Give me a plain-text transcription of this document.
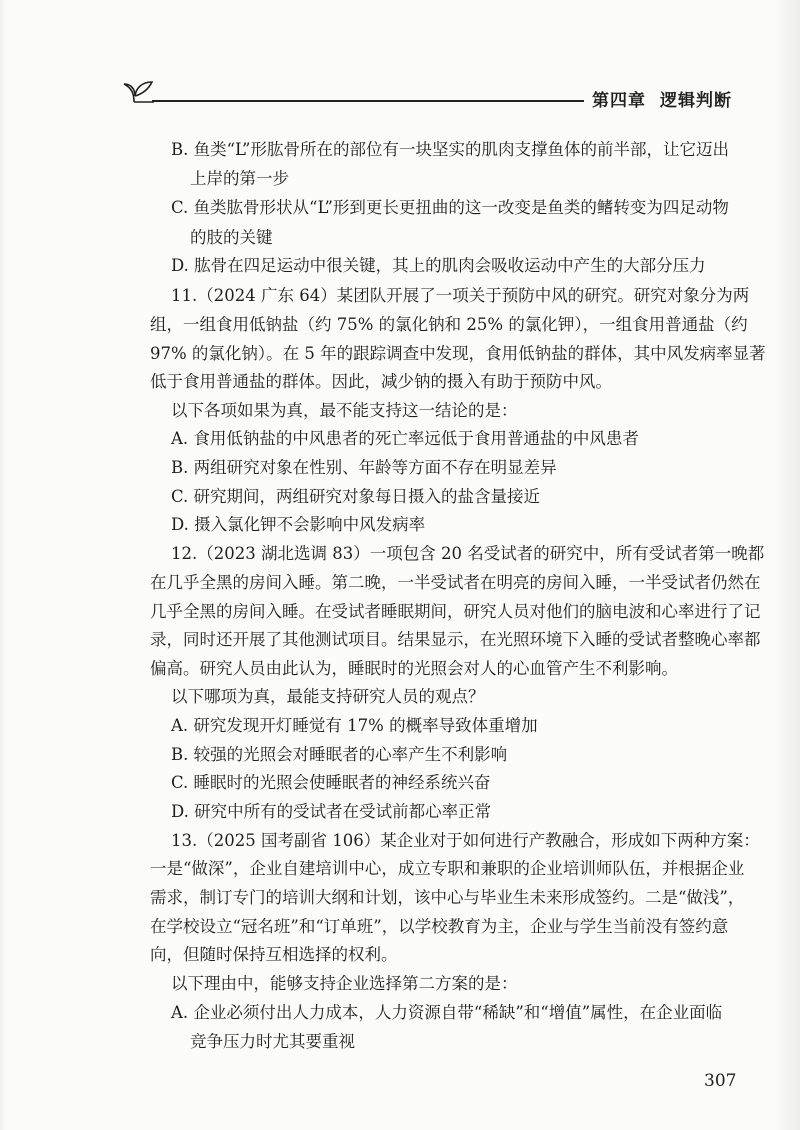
第四章 逻辑判断
B. 鱼类“L”形肱骨所在的部位有一块坚实的肌肉支撑鱼体的前半部，让它迈出
上岸的第一步
C. 鱼类肱骨形状从“L”形到更长更扭曲的这一改变是鱼类的鳍转变为四足动物
的肢的关键
D. 肱骨在四足运动中很关键，其上的肌肉会吸收运动中产生的大部分压力
11.（2024 广东 64）某团队开展了一项关于预防中风的研究。研究对象分为两
组，一组食用低钠盐（约 75% 的氯化钠和 25% 的氯化钾），一组食用普通盐（约
97% 的氯化钠）。在 5 年的跟踪调查中发现，食用低钠盐的群体，其中风发病率显著
低于食用普通盐的群体。因此，减少钠的摄入有助于预防中风。
以下各项如果为真，最不能支持这一结论的是：
A. 食用低钠盐的中风患者的死亡率远低于食用普通盐的中风患者
B. 两组研究对象在性别、年龄等方面不存在明显差异
C. 研究期间，两组研究对象每日摄入的盐含量接近
D. 摄入氯化钾不会影响中风发病率
12.（2023 湖北选调 83）一项包含 20 名受试者的研究中，所有受试者第一晚都
在几乎全黑的房间入睡。第二晚，一半受试者在明亮的房间入睡，一半受试者仍然在
几乎全黑的房间入睡。在受试者睡眠期间，研究人员对他们的脑电波和心率进行了记
录，同时还开展了其他测试项目。结果显示，在光照环境下入睡的受试者整晚心率都
偏高。研究人员由此认为，睡眠时的光照会对人的心血管产生不利影响。
以下哪项为真，最能支持研究人员的观点？
A. 研究发现开灯睡觉有 17% 的概率导致体重增加
B. 较强的光照会对睡眠者的心率产生不利影响
C. 睡眠时的光照会使睡眠者的神经系统兴奋
D. 研究中所有的受试者在受试前都心率正常
13.（2025 国考副省 106）某企业对于如何进行产教融合，形成如下两种方案：
一是“做深”，企业自建培训中心，成立专职和兼职的企业培训师队伍，并根据企业
需求，制订专门的培训大纲和计划，该中心与毕业生未来形成签约。二是“做浅”，
在学校设立“冠名班”和“订单班”，以学校教育为主，企业与学生当前没有签约意
向，但随时保持互相选择的权利。
以下理由中，能够支持企业选择第二方案的是：
A. 企业必须付出人力成本，人力资源自带“稀缺”和“增值”属性，在企业面临
竞争压力时尤其要重视
307
